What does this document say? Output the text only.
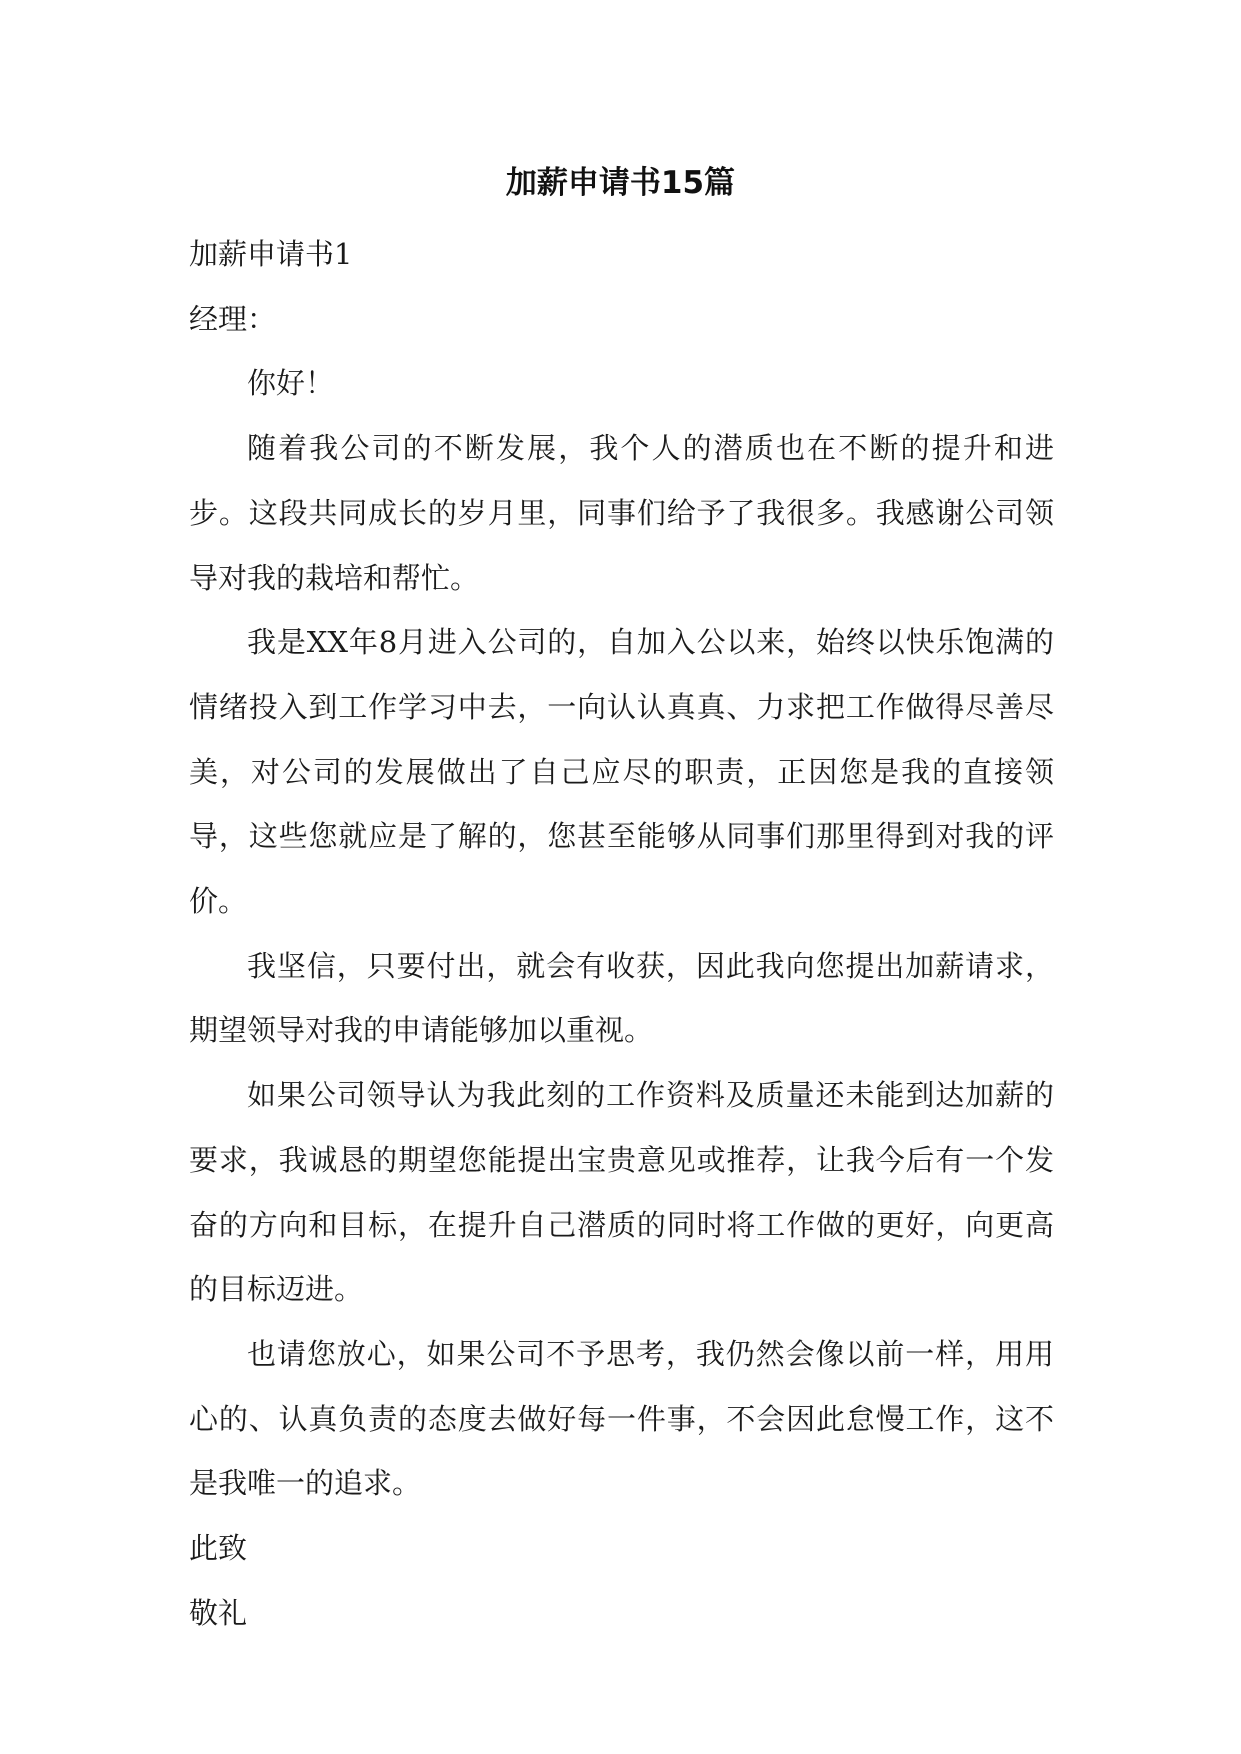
加薪申请书15篇

加薪申请书1

经理：

你好！

随着我公司的不断发展，我个人的潜质也在不断的提升和进步。这段共同成长的岁月里，同事们给予了我很多。我感谢公司领导对我的栽培和帮忙。

我是XX年8月进入公司的，自加入公以来，始终以快乐饱满的情绪投入到工作学习中去，一向认认真真、力求把工作做得尽善尽美，对公司的发展做出了自己应尽的职责，正因您是我的直接领导，这些您就应是了解的，您甚至能够从同事们那里得到对我的评价。

我坚信，只要付出，就会有收获，因此我向您提出加薪请求，期望领导对我的申请能够加以重视。

如果公司领导认为我此刻的工作资料及质量还未能到达加薪的要求，我诚恳的期望您能提出宝贵意见或推荐，让我今后有一个发奋的方向和目标，在提升自己潜质的同时将工作做的更好，向更高的目标迈进。

也请您放心，如果公司不予思考，我仍然会像以前一样，用用心的、认真负责的态度去做好每一件事，不会因此怠慢工作，这不是我唯一的追求。

此致

敬礼
